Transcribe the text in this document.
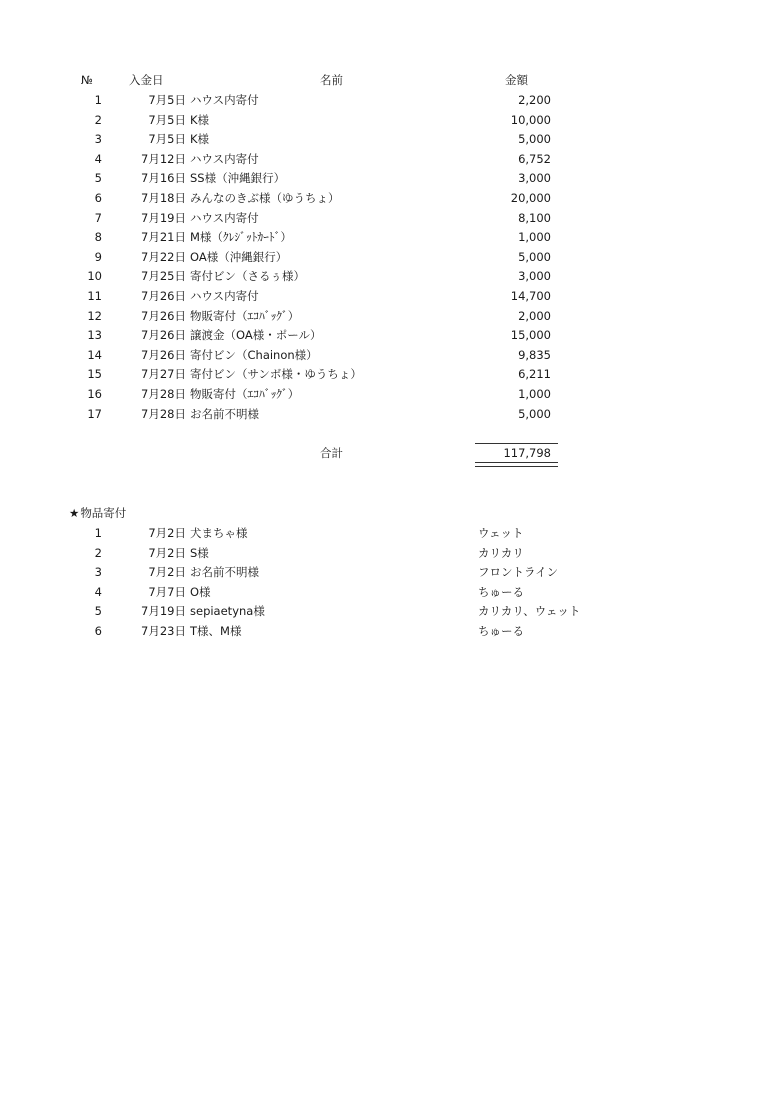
№	入金日	名前	金額
1	7月5日 ハウス内寄付	2,200
2	7月5日 K様	10,000
3	7月5日 K様	5,000
4	7月12日 ハウス内寄付	6,752
5	7月16日 SS様（沖縄銀行）	3,000
6	7月18日 みんなのきぶ様（ゆうちょ）	20,000
7	7月19日 ハウス内寄付	8,100
8	7月21日 M様（ｸﾚｼﾞｯﾄｶｰﾄﾞ）	1,000
9	7月22日 OA様（沖縄銀行）	5,000
10	7月25日 寄付ビン（さるぅ様）	3,000
11	7月26日 ハウス内寄付	14,700
12	7月26日 物販寄付（ｴｺﾊﾞｯｸﾞ）	2,000
13	7月26日 譲渡金（OA様・ポール）	15,000
14	7月26日 寄付ビン（Chainon様）	9,835
15	7月27日 寄付ビン（サンボ様・ゆうちょ）	6,211
16	7月28日 物販寄付（ｴｺﾊﾞｯｸﾞ）	1,000
17	7月28日 お名前不明様	5,000
合計	117,798
★物品寄付
1	7月2日 犬まちゃ様	ウェット
2	7月2日 S様	カリカリ
3	7月2日 お名前不明様	フロントライン
4	7月7日 O様	ちゅーる
5	7月19日 sepiaetyna様	カリカリ、ウェット
6	7月23日 T様、M様	ちゅーる
